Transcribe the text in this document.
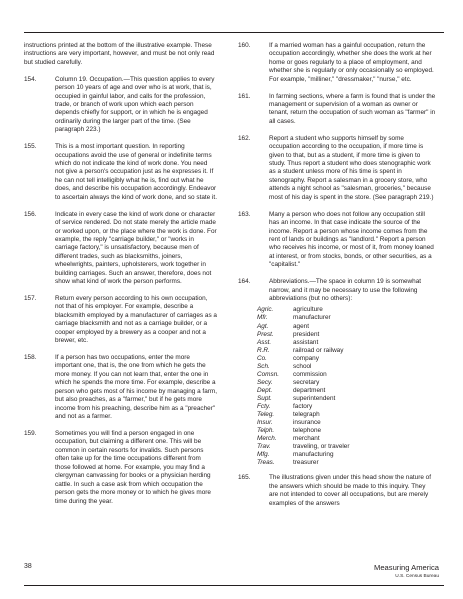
instructions printed at the bottom of the illustrative example. These instructions are very important, however, and must be not only read but studied carefully.
154.	Column 19. Occupation.—This question applies to every person 10 years of age and over who is at work, that is, occupied in gainful labor, and calls for the profession, trade, or branch of work upon which each person depends chiefly for support, or in which he is engaged ordinarily during the larger part of the time. (See paragraph 223.)
155.	This is a most important question. In reporting occupations avoid the use of general or indefinite terms which do not indicate the kind of work done. You need not give a person's occupation just as he expresses it. If he can not tell intelligibly what he is, find out what he does, and describe his occupation accordingly. Endeavor to ascertain always the kind of work done, and so state it.
156.	Indicate in every case the kind of work done or character of service rendered. Do not state merely the article made or worked upon, or the place where the work is done. For example, the reply "carriage builder," or "works in carriage factory," is unsatisfactory, because men of different trades, such as blacksmiths, joiners, wheelwrights, painters, upholsterers, work together in building carriages. Such an answer, therefore, does not show what kind of work the person performs.
157.	Return every person according to his own occupation, not that of his employer. For example, describe a blacksmith employed by a manufacturer of carriages as a carriage blacksmith and not as a carriage builder, or a cooper employed by a brewery as a cooper and not a brewer, etc.
158.	If a person has two occupations, enter the more important one, that is, the one from which he gets the more money. If you can not learn that, enter the one in which he spends the more time. For example, describe a person who gets most of his income by managing a farm, but also preaches, as a "farmer," but if he gets more income from his preaching, describe him as a "preacher" and not as a farmer.
159.	Sometimes you will find a person engaged in one occupation, but claiming a different one. This will be common in certain resorts for invalids. Such persons often take up for the time occupations different from those followed at home. For example, you may find a clergyman canvassing for books or a physician herding cattle. In such a case ask from which occupation the person gets the more money or to which he gives more time during the year.
160.	If a married woman has a gainful occupation, return the occupation accordingly, whether she does the work at her home or goes regularly to a place of employment, and whether she is regularly or only occasionally so employed. For example, "milliner," "dressmaker," "nurse," etc.
161.	In farming sections, where a farm is found that is under the management or supervision of a woman as owner or tenant, return the occupation of such woman as "farmer" in all cases.
162.	Report a student who supports himself by some occupation according to the occupation, if more time is given to that, but as a student, if more time is given to study. Thus report a student who does stenographic work as a student unless more of his time is spent in stenography. Report a salesman in a grocery store, who attends a night school as "salesman, groceries," because most of his day is spent in the store. (See paragraph 219.)
163.	Many a person who does not follow any occupation still has an income. In that case indicate the source of the income. Report a person whose income comes from the rent of lands or buildings as "landlord." Report a person who receives his income, or most of it, from money loaned at interest, or from stocks, bonds, or other securities, as a "capitalist."
164.	Abbreviations.—The space in column 19 is somewhat narrow, and it may be necessary to use the following abbreviations (but no others):
Agric.	agriculture
Mfr.	manufacturer
Agt.	agent
Prest.	president
Asst.	assistant
R.R.	railroad or railway
Co.	company
Sch.	school
Comsn.	commission
Secy.	secretary
Dept.	department
Supt.	superintendent
Fcty.	factory
Teleg.	telegraph
Insur.	insurance
Telph.	telephone
Merch.	merchant
Trav.	traveling, or traveler
Mfg.	manufacturing
Treas.	treasurer
165.	The illustrations given under this head show the nature of the answers which should be made to this inquiry. They are not intended to cover all occupations, but are merely examples of the answers
38	Measuring America
U.S. Census Bureau
